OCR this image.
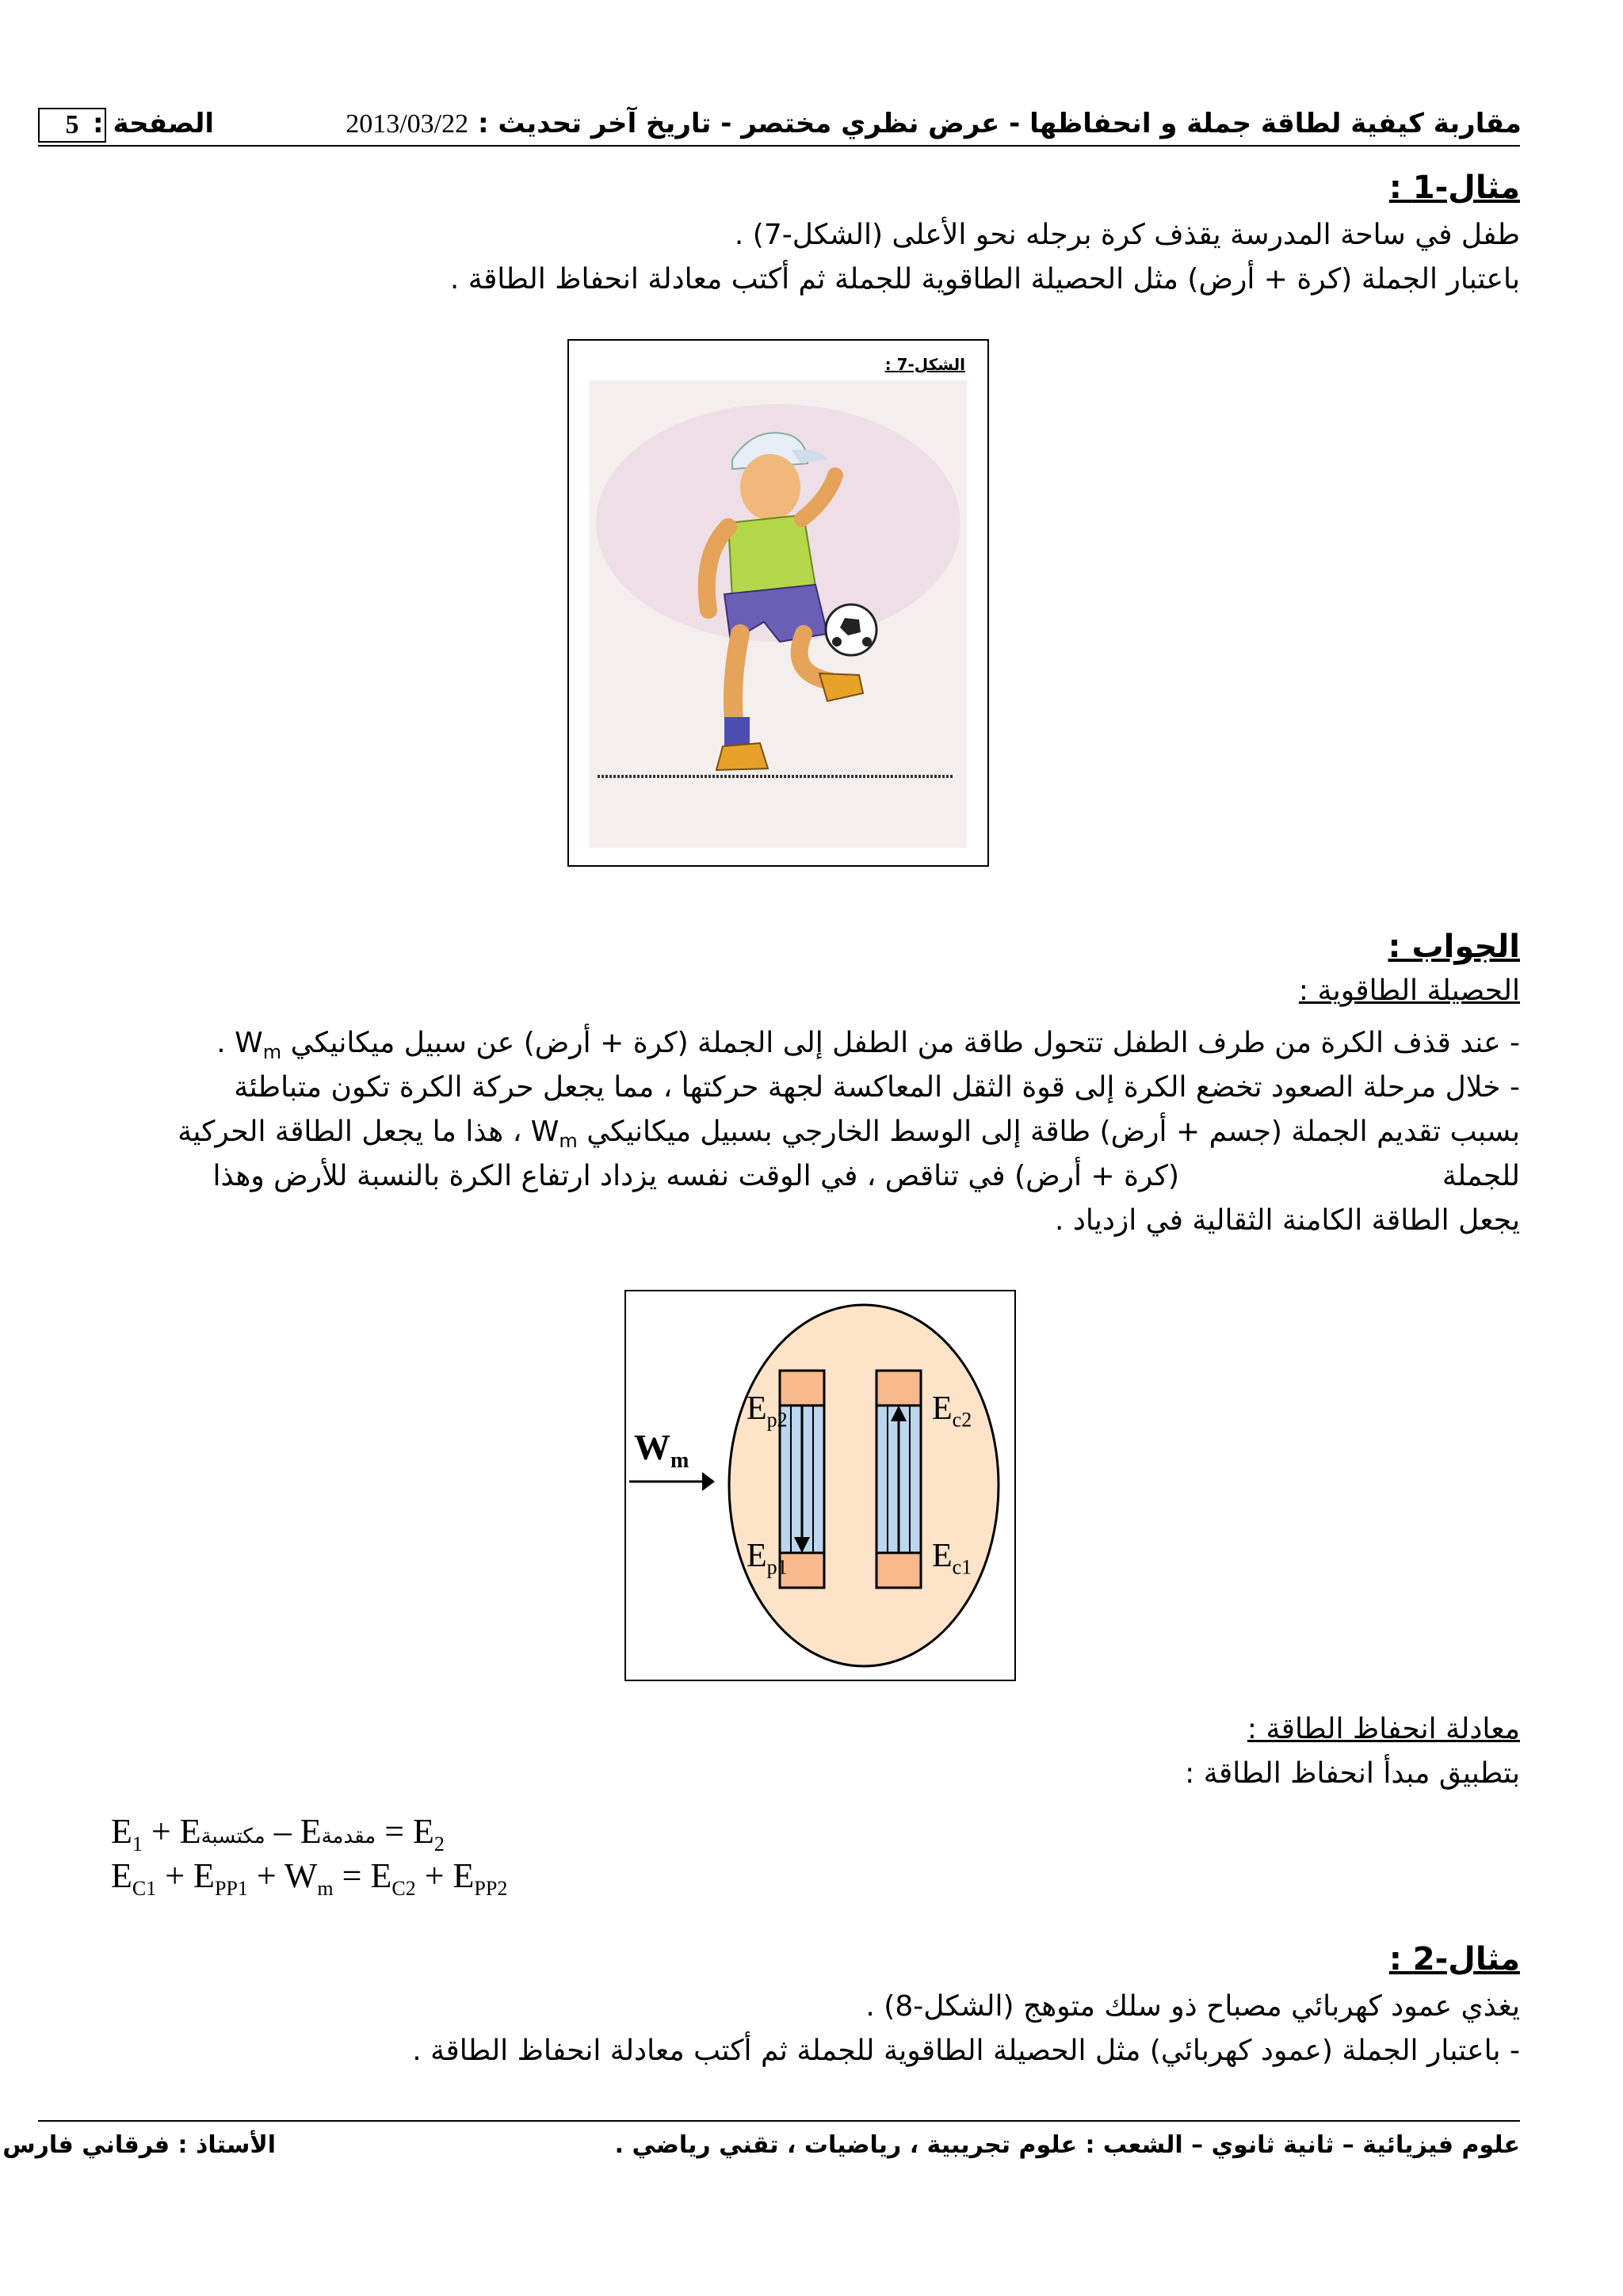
5 الصفحة :	مقاربة كيفية لطاقة جملة و انحفاظها - عرض نظري مختصر - تاريخ آخر تحديث : 2013/03/22
مثال-1 :
طفل في ساحة المدرسة يقذف كرة برجله نحو الأعلى (الشكل-7) .
باعتبار الجملة (كرة + أرض) مثل الحصيلة الطاقوية للجملة ثم أكتب معادلة انحفاظ الطاقة .
الشكل-7 :
الجواب :
الحصيلة الطاقوية :
- عند قذف الكرة من طرف الطفل تتحول طاقة من الطفل إلى الجملة (كرة + أرض) عن سبيل ميكانيكي $W_m$ .
- خلال مرحلة الصعود تخضع الكرة إلى قوة الثقل المعاكسة لجهة حركتها ، مما يجعل حركة الكرة تكون متباطئة
بسبب تقديم الجملة (جسم + أرض) طاقة إلى الوسط الخارجي بسبيل ميكانيكي $W_m$ ، هذا ما يجعل الطاقة الحركية
للجملة
(كرة + أرض) في تناقص ، في الوقت نفسه يزداد ارتفاع الكرة بالنسبة للأرض وهذا
يجعل الطاقة الكامنة الثقالية في ازدياد .
$W_m$
$E_{p2}$
$E_{p1}$
$E_{c2}$
$E_{c1}$
معادلة انحفاظ الطاقة :
بتطبيق مبدأ انحفاظ الطاقة :
$E_1$ + Eمكتسبة – Eمقدمة = $E_2$
$E_{C1} + E_{PP1} + W_m = E_{C2} + E_{PP2}$
مثال-2 :
يغذي عمود كهربائي مصباح ذو سلك متوهج (الشكل-8) .
- باعتبار الجملة (عمود كهربائي) مثل الحصيلة الطاقوية للجملة ثم أكتب معادلة انحفاظ الطاقة .
الأستاذ : فرقاني فارس	علوم فيزيائية – ثانية ثانوي – الشعب : علوم تجريبية ، رياضيات ، تقني رياضي .
